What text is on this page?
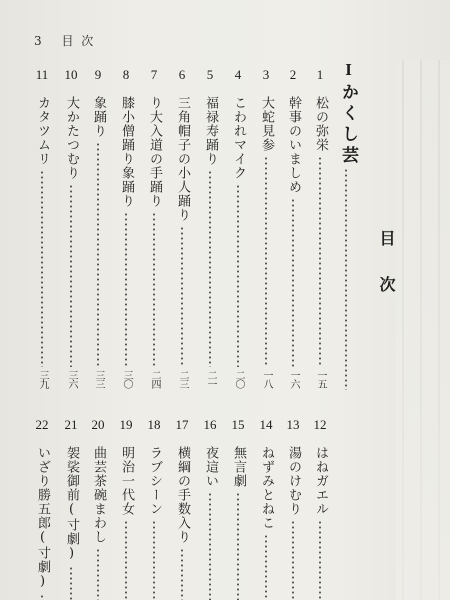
3 目 次
11
カタツムリ
三九
10
大かたつむり
三六
9
象踊り
三三
8
膝小僧踊り象踊り
三〇
7
り大入道の手踊り
二四
6
三角帽子の小人踊り
二三
5
福禄寿踊り
二一
4
こわれマイク
二〇
3
大蛇見参
一八
2
幹事のいましめ
一六
1
松の弥栄
一五
Iかくし芸
目次
22
いざり勝五郎(寸劇)
21
袈裟御前(寸劇)
20
曲芸茶碗まわし
19
明治一代女
18
ラブシーン
17
横綱の手数入り
16
夜這い
15
無言劇
14
ねずみとねこ
13
湯のけむり
12
はねガエル
